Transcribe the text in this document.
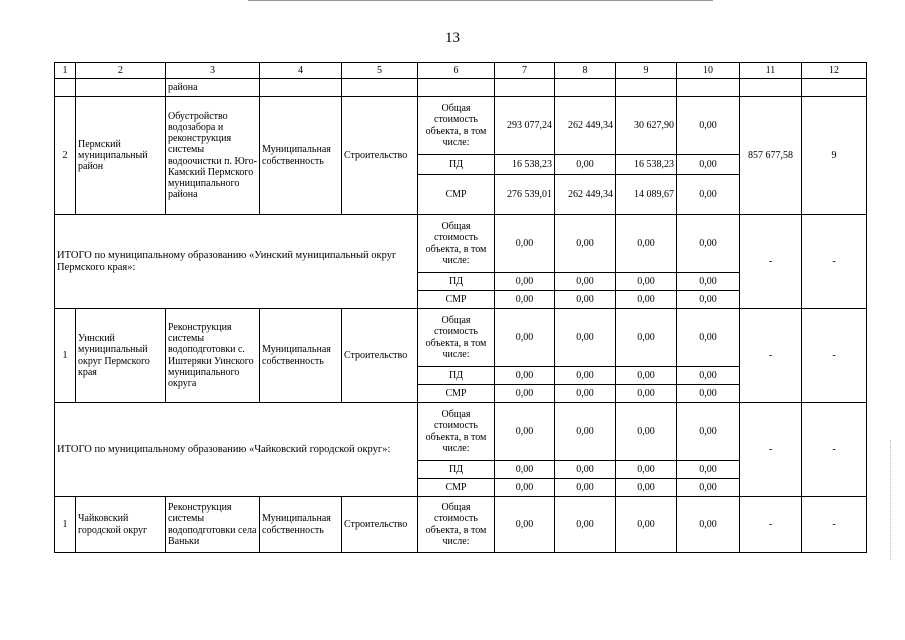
13
1	2	3	4	5	6	7	8	9	10	11	12
		района									
2	Пермский муниципальный район	Обустройство водозабора и реконструкция системы водоочистки п. Юго-Камский Пермского муниципального района	Муниципальная собственность	Строительство	Общая стоимость объекта, в том числе:	293 077,24	262 449,34	30 627,90	0,00	857 677,58	9
					ПД	16 538,23	0,00	16 538,23	0,00		
					СМР	276 539,01	262 449,34	14 089,67	0,00		
ИТОГО по муниципальному образованию «Уинский муниципальный округ Пермского края»:					Общая стоимость объекта, в том числе:	0,00	0,00	0,00	0,00	-	-
					ПД	0,00	0,00	0,00	0,00		
					СМР	0,00	0,00	0,00	0,00		
1	Уинский муниципальный округ Пермского края	Реконструкция системы водоподготовки с. Иштеряки Уинского муниципального округа	Муниципальная собственность	Строительство	Общая стоимость объекта, в том числе:	0,00	0,00	0,00	0,00	-	-
					ПД	0,00	0,00	0,00	0,00		
					СМР	0,00	0,00	0,00	0,00		
ИТОГО по муниципальному образованию «Чайковский городской округ»:					Общая стоимость объекта, в том числе:	0,00	0,00	0,00	0,00	-	-
					ПД	0,00	0,00	0,00	0,00		
					СМР	0,00	0,00	0,00	0,00		
1	Чайковский городской округ	Реконструкция системы водоподготовки села Ваньки	Муниципальная собственность	Строительство	Общая стоимость объекта, в том числе:	0,00	0,00	0,00	0,00	-	-
